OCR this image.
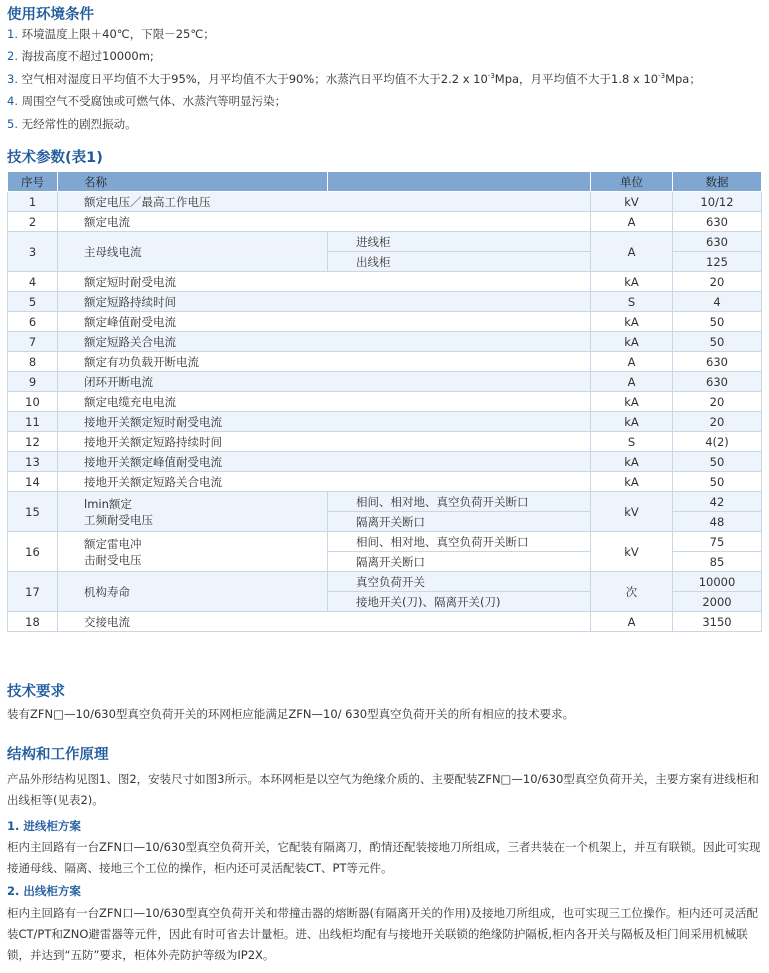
使用环境条件
1. 环境温度上限＋40℃，下限－25℃；
2. 海拔高度不超过10000m;
3. 空气相对湿度日平均值不大于95%，月平均值不大于90%；水蒸汽日平均值不大于2.2 x $10^{-3}Mpa$，月平均值不大于1.8 x $10^{-3}Mpa$；
4. 周围空气不受腐蚀或可燃气体、水蒸汽等明显污染；
5. 无经常性的剧烈振动。
技术参数(表1)
序号	名称		单位	数据
1	额定电压／最高工作电压		kV	10/12
2	额定电流		A	630
3	主母线电流	进线柜	A	630
		出线柜		125
4	额定短时耐受电流		kA	20
5	额定短路持续时间		S	4
6	额定峰值耐受电流		kA	50
7	额定短路关合电流		kA	50
8	额定有功负载开断电流		A	630
9	闭环开断电流		A	630
10	额定电缆充电电流		kA	20
11	接地开关额定短时耐受电流		kA	20
12	接地开关额定短路持续时间		S	4(2)
13	接地开关额定峰值耐受电流		kA	50
14	接地开关额定短路关合电流		kA	50
15	lmin额定
工频耐受电压	相间、相对地、真空负荷开关断口	kV	42
		隔离开关断口		48
16	额定雷电冲
击耐受电压	相间、相对地、真空负荷开关断口	kV	75
		隔离开关断口		85
17	机构寿命	真空负荷开关	次	10000
		接地开关(刀)、隔离开关(刀)		2000
18	交接电流		A	3150
技术要求
装有ZFN□—10/630型真空负荷开关的环网柜应能满足ZFN—10/ 630型真空负荷开关的所有相应的技术要求。
结构和工作原理
产品外形结构见图1、图2，安装尺寸如图3所示。本环网柜是以空气为绝缘介质的、主要配装ZFN□—10/630型真空负荷开关，主要方案有进线柜和出线柜等(见表2)。
1. 进线柜方案
柜内主回路有一台ZFN口—10/630型真空负荷开关，它配装有隔离刀，酌情还配装接地刀所组成，三者共装在一个机架上，并互有联锁。因此可实现接通母线、隔离、接地三个工位的操作，柜内还可灵活配装CT、PT等元件。
2. 出线柜方案
柜内主回路有一台ZFN口—10/630型真空负荷开关和带撞击器的熔断器(有隔离开关的作用)及接地刀所组成，也可实现三工位操作。柜内还可灵活配装CT/PT和ZNO避雷器等元件，因此有时可省去计量柜。进、出线柜均配有与接地开关联锁的绝缘防护隔板,柜内各开关与隔板及柜门间采用机械联锁，并达到“五防”要求，柜体外壳防护等级为IP2X。
